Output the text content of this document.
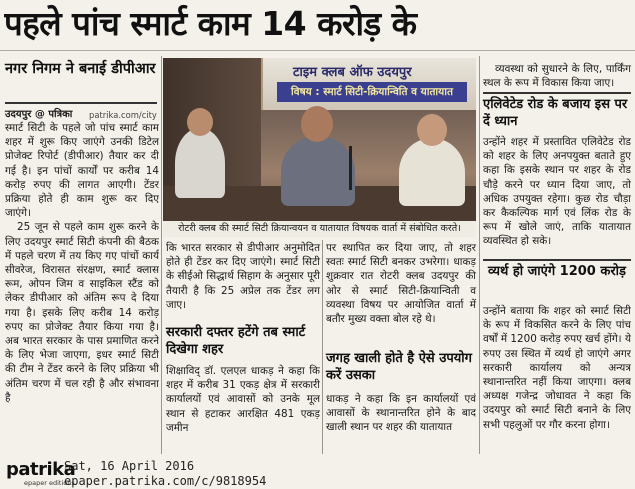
पहले पांच स्मार्ट काम 14 करोड़ के
नगर निगम ने बनाई डीपीआर
उदयपुर @ पत्रिका patrika.com/city

स्मार्ट सिटी के पहले जो पांच स्मार्ट काम शहर में शुरू किए जाएंगे उनकी डिटेल प्रोजेक्ट रिपोर्ट (डीपीआर) तैयार कर दी गई है। इन पांचों कार्यों पर करीब 14 करोड़ रुपए की लागत आएगी। टेंडर प्रक्रिया होते ही काम शुरू कर दिए जाएंगे।

25 जून से पहले काम शुरू करने के लिए उदयपुर स्मार्ट सिटी कंपनी की बैठक में पहले चरण में तय किए गए पांचों कार्य सीवरेज, विरासत संरक्षण, स्मार्ट क्लास रूम, ओपन जिम व साइकिल स्टैंड को लेकर डीपीआर को अंतिम रूप दे दिया गया है। इसके लिए करीब 14 करोड़ रुपए का प्रोजेक्ट तैयार किया गया है। अब भारत सरकार के पास प्रमाणित करने के लिए भेजा जाएगा, इधर स्मार्ट सिटी की टीम ने टेंडर करने के लिए प्रक्रिया भी अंतिम चरण में चल रही है और संभावना है

टाइम क्लब ऑफ उदयपुर
विषय : स्मार्ट सिटी-क्रियान्विति व यातायात
रोटरी क्लब की स्मार्ट सिटी क्रियान्वयन व यातायात विषयक वार्ता में संबोधित करते।

कि भारत सरकार से डीपीआर अनुमोदित होते ही टेंडर कर दिए जाएंगे। स्मार्ट सिटी के सीईओ सिद्धार्थ सिहाग के अनुसार पूरी तैयारी है कि 25 अप्रेल तक टेंडर लग जाए।

सरकारी दफ्तर हटेंगे तब स्मार्ट दिखेगा शहर

शिक्षाविद् डॉ. एलएल धाकड़ ने कहा कि शहर में करीब 31 एकड़ क्षेत्र में सरकारी कार्यालयों एवं आवासों को उनके मूल स्थान से हटाकर आरक्षित 481 एकड़ जमीन

पर स्थापित कर दिया जाए, तो शहर स्वतः स्मार्ट सिटी बनकर उभरेगा। धाकड़ शुक्रवार रात रोटरी क्लब उदयपुर की ओर से स्मार्ट सिटी-क्रियान्विती व व्यवस्था विषय पर आयोजित वार्ता में बतौर मुख्य वक्ता बोल रहे थे।

जगह खाली होते है ऐसे उपयोग करें उसका

धाकड़ ने कहा कि इन कार्यालयों एवं आवासों के स्थानान्तरित होने के बाद खाली स्थान पर शहर की यातायात

व्यवस्था को सुधारने के लिए, पार्किंग स्थल के रूप में विकास किया जाए।

एलिवेटेड रोड के बजाय इस पर दें ध्यान

उन्होंने शहर में प्रस्तावित एलिवेटेड रोड को शहर के लिए अनपयुक्त बताते हुए कहा कि इसके स्थान पर शहर के रोड चौड़े करने पर ध्यान दिया जाए, तो अधिक उपयुक्त रहेगा। कुछ रोड चौड़ा कर कैकल्पिक मार्ग एवं लिंक रोड के रूप में खोले जाएं, ताकि यातायात व्यवस्थित हो सके।

व्यर्थ हो जाएंगे 1200 करोड़

उन्होंने बताया कि शहर को स्मार्ट सिटी के रूप में विकसित करने के लिए पांच वर्षों में 1200 करोड़ रुपए खर्च होंगे। ये रुपए उस स्थित में व्यर्थ हो जाएंगे अगर सरकारी कार्यालय को अन्यत्र स्थानान्तरित नहीं किया जाएगा। क्लब अध्यक्ष गजेन्द्र जोधावत ने कहा कि उदयपुर को स्मार्ट सिटी बनाने के लिए सभी पहलुओं पर गौर करना होगा।

patrika
epaper editions
Sat, 16 April 2016
epaper.patrika.com/c/9818954
